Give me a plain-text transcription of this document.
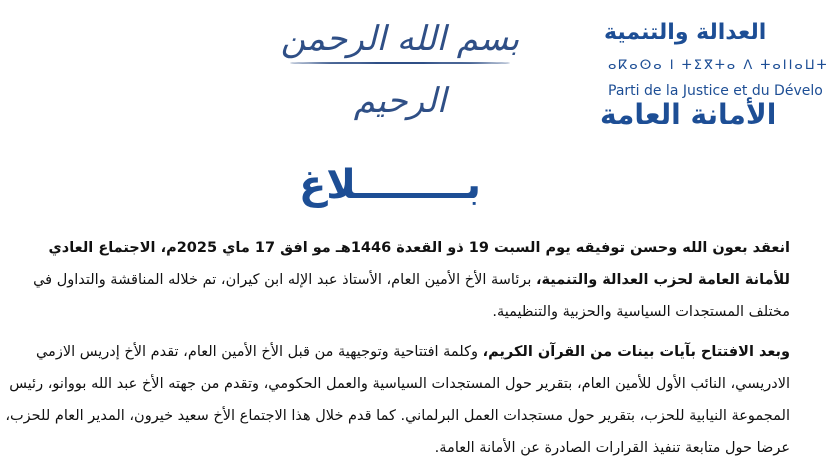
بسم الله الرحمن الرحيم
العدالة والتنمية
ⴰⴽⴰⵙⴰ ⵏ ⵜⵉⴳⵜⴰ ⴷ ⵜⴰⵏⵏⴰⵡⵜ
Parti de la Justice et du Dévelo
الأمانة العامة
بــــــــلاغ

انعقد بعون الله وحسن توفيقه يوم السبت 19 ذو القعدة 1446هـ مو افق 17 ماي 2025م، الاجتماع العادي للأمانة العامة لحزب العدالة والتنمية، برئاسة الأخ الأمين العام، الأستاذ عبد الإله ابن كيران، تم خلاله المناقشة والتداول في مختلف المستجدات السياسية والحزبية والتنظيمية.

وبعد الافتتاح بآيات بينات من القرآن الكريم، وكلمة افتتاحية وتوجيهية من قبل الأخ الأمين العام، تقدم الأخ إدريس الازمي الادريسي، النائب الأول للأمين العام، بتقرير حول المستجدات السياسية والعمل الحكومي، وتقدم من جهته الأخ عبد الله بووانو، رئيس المجموعة النيابية للحزب، بتقرير حول مستجدات العمل البرلماني. كما قدم خلال هذا الاجتماع الأخ سعيد خيرون، المدير العام للحزب، عرضا حول متابعة تنفيذ القرارات الصادرة عن الأمانة العامة.
